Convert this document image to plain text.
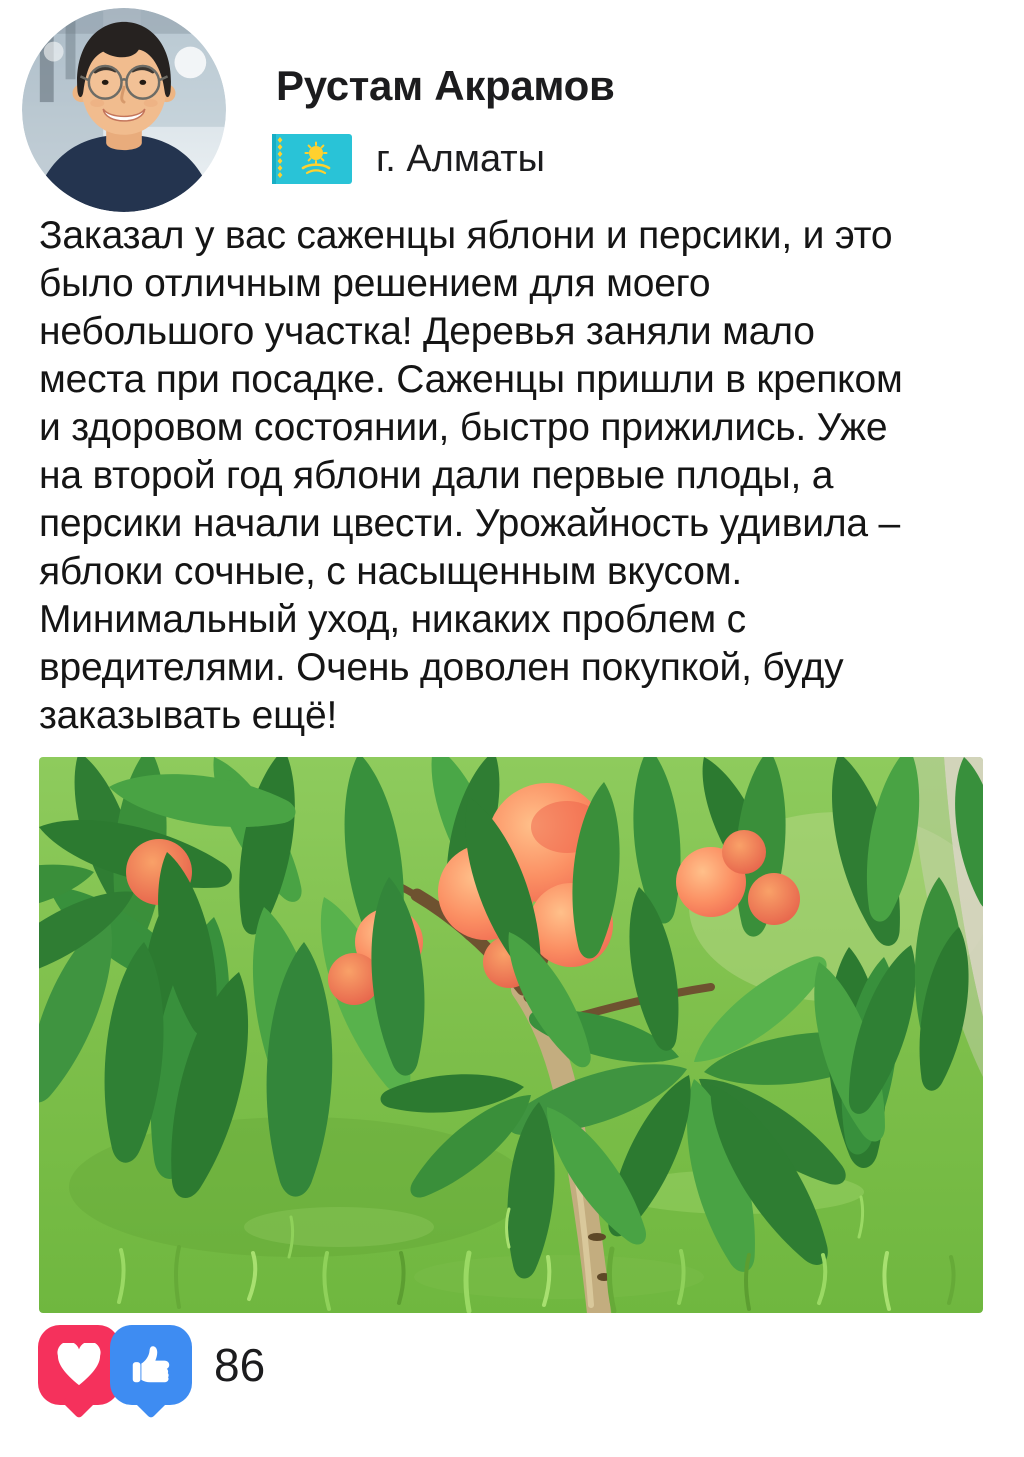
Рустам Акрамов
г. Алматы
Заказал у вас саженцы яблони и персики, и это
было отличным решением для моего
небольшого участка! Деревья заняли мало
места при посадке. Саженцы пришли в крепком
и здоровом состоянии, быстро прижились. Уже
на второй год яблони дали первые плоды, а
персики начали цвести. Урожайность удивила –
яблоки сочные, с насыщенным вкусом.
Минимальный уход, никаких проблем с
вредителями. Очень доволен покупкой, буду
заказывать ещё!
86
